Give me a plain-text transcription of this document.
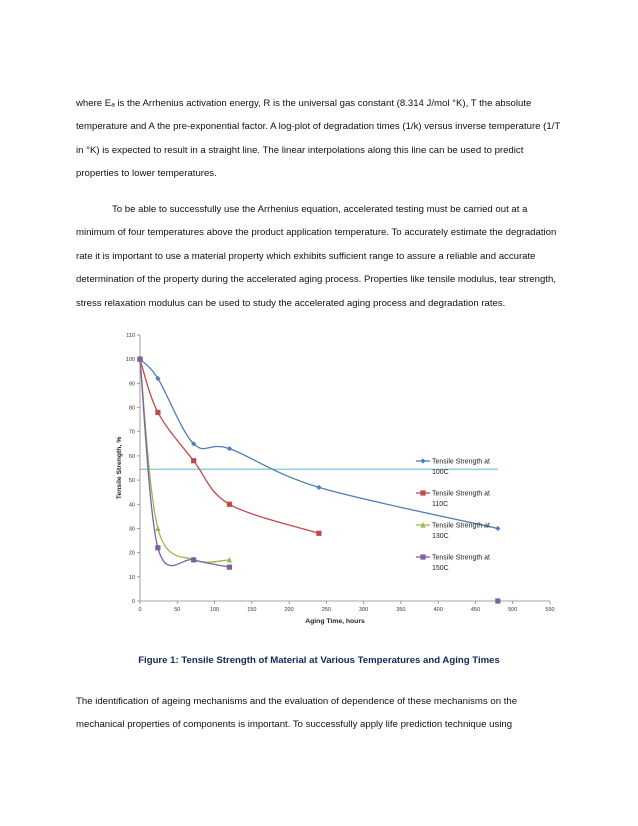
where Eₐ is the Arrhenius activation energy, R is the universal gas constant (8.314 J/mol °K), T the absolute temperature and A the pre-exponential factor. A log-plot of degradation times (1/k) versus inverse temperature (1/T in °K) is expected to result in a straight line. The linear interpolations along this line can be used to predict properties to lower temperatures.

To be able to successfully use the Arrhenius equation, accelerated testing must be carried out at a minimum of four temperatures above the product application temperature. To accurately estimate the degradation rate it is important to use a material property which exhibits sufficient range to assure a reliable and accurate determination of the property during the accelerated aging process. Properties like tensile modulus, tear strength, stress relaxation modulus can be used to study the accelerated aging process and degradation rates.

0
10
20
30
40
50
60
70
80
90
100
110
0	50	100	150	200	250	300	350	400	450	500	550
Aging Time, hours
Tensile Strength, %	Tensile Strength at
100C
Tensile Strength at
110C
Tensile Strength at
130C
Tensile Strength at
150C
Figure 1: Tensile Strength of Material at Various Temperatures and Aging Times

The identification of ageing mechanisms and the evaluation of dependence of these mechanisms on the mechanical properties of components is important. To successfully apply life prediction technique using
